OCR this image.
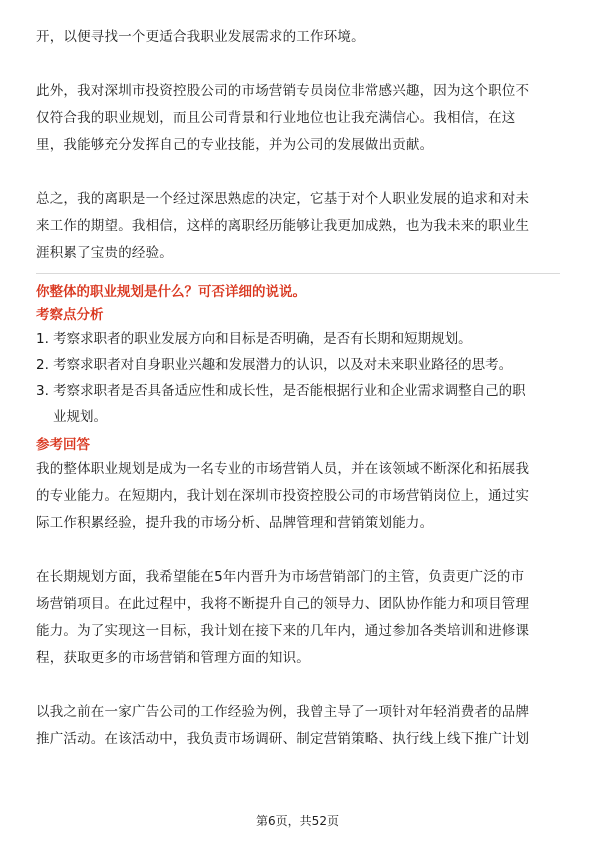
开，以便寻找一个更适合我职业发展需求的工作环境。

此外，我对深圳市投资控股公司的市场营销专员岗位非常感兴趣，因为这个职位不

仅符合我的职业规划，而且公司背景和行业地位也让我充满信心。我相信，在这

里，我能够充分发挥自己的专业技能，并为公司的发展做出贡献。

总之，我的离职是一个经过深思熟虑的决定，它基于对个人职业发展的追求和对未

来工作的期望。我相信，这样的离职经历能够让我更加成熟，也为我未来的职业生

涯积累了宝贵的经验。

你整体的职业规划是什么？可否详细的说说。

考察点分析

1. 考察求职者的职业发展方向和目标是否明确，是否有长期和短期规划。

2. 考察求职者对自身职业兴趣和发展潜力的认识，以及对未来职业路径的思考。

3. 考察求职者是否具备适应性和成长性，是否能根据行业和企业需求调整自己的职

业规划。

参考回答

我的整体职业规划是成为一名专业的市场营销人员，并在该领域不断深化和拓展我

的专业能力。在短期内，我计划在深圳市投资控股公司的市场营销岗位上，通过实

际工作积累经验，提升我的市场分析、品牌管理和营销策划能力。

在长期规划方面，我希望能在5年内晋升为市场营销部门的主管，负责更广泛的市

场营销项目。在此过程中，我将不断提升自己的领导力、团队协作能力和项目管理

能力。为了实现这一目标，我计划在接下来的几年内，通过参加各类培训和进修课

程，获取更多的市场营销和管理方面的知识。

以我之前在一家广告公司的工作经验为例，我曾主导了一项针对年轻消费者的品牌

推广活动。在该活动中，我负责市场调研、制定营销策略、执行线上线下推广计划

第6页，共52页
